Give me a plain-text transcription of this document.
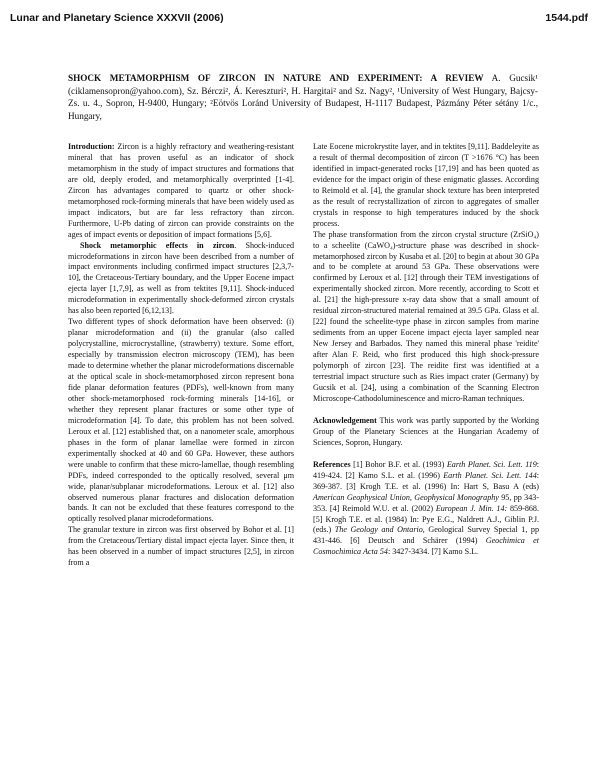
Lunar and Planetary Science XXXVII (2006)	1544.pdf
SHOCK METAMORPHISM OF ZIRCON IN NATURE AND EXPERIMENT: A REVIEW A. Gucsik¹ (ciklamensopron@yahoo.com), Sz. Bérczi², Á. Kereszturi², H. Hargitai² and Sz. Nagy², ¹University of West Hungary, Bajcsy-Zs. u. 4., Sopron, H-9400, Hungary; ²Eötvös Loránd University of Budapest, H-1117 Budapest, Pázmány Péter sétány 1/c., Hungary,

Introduction: Zircon is a highly refractory and weathering-resistant mineral that has proven useful as an indicator of shock metamorphism in the study of impact structures and formations that are old, deeply eroded, and metamorphically overprinted [1-4]. Zircon has advantages compared to quartz or other shock-metamorphosed rock-forming minerals that have been widely used as impact indicators, but are far less refractory than zircon. Furthermore, U-Pb dating of zircon can provide constraints on the ages of impact events or deposition of impact formations [5,6].

Shock metamorphic effects in zircon. Shock-induced microdeformations in zircon have been described from a number of impact environments including confirmed impact structures [2,3,7-10], the Cretaceous-Tertiary boundary, and the Upper Eocene impact ejecta layer [1,7,9], as well as from tektites [9,11]. Shock-induced microdeformation in experimentally shock-deformed zircon crystals has also been reported [6,12,13].

Two different types of shock deformation have been observed: (i) planar microdeformation and (ii) the granular (also called polycrystalline, microcrystalline, (strawberry) texture. Some effort, especially by transmission electron microscopy (TEM), has been made to determine whether the planar microdeformations discernable at the optical scale in shock-metamorphosed zircon represent bona fide planar deformation features (PDFs), well-known from many other shock-metamorphosed rock-forming minerals [14-16], or whether they represent planar fractures or some other type of microdeformation [4]. To date, this problem has not been solved. Leroux et al. [12] established that, on a nanometer scale, amorphous phases in the form of planar lamellae were formed in zircon experimentally shocked at 40 and 60 GPa. However, these authors were unable to confirm that these micro-lamellae, though resembling PDFs, indeed corresponded to the optically resolved, several μm wide, planar/subplanar microdeformations. Leroux et al. [12] also observed numerous planar fractures and dislocation deformation bands. It can not be excluded that these features correspond to the optically resolved planar microdeformations.

The granular texture in zircon was first observed by Bohor et al. [1] from the Cretaceous/Tertiary distal impact ejecta layer. Since then, it has been observed in a number of impact structures [2,5], in zircon from a

Late Eocene microkrystite layer, and in tektites [9,11]. Baddeleyite as a result of thermal decomposition of zircon (T >1676 °C) has been identified in impact-generated rocks [17,19] and has been quoted as evidence for the impact origin of these enigmatic glasses. According to Reimold et al. [4], the granular shock texture has been interpreted as the result of recrystallization of zircon to aggregates of smaller crystals in response to high temperatures induced by the shock process.

The phase transformation from the zircon crystal structure (ZrSiO₄) to a scheelite (CaWO₄)-structure phase was described in shock-metamorphosed zircon by Kusaba et al. [20] to begin at about 30 GPa and to be complete at around 53 GPa. These observations were confirmed by Leroux et al. [12] through their TEM investigations of experimentally shocked zircon. More recently, according to Scott et al. [21] the high-pressure x-ray data show that a small amount of residual zircon-structured material remained at 39.5 GPa. Glass et al. [22] found the scheelite-type phase in zircon samples from marine sediments from an upper Eocene impact ejecta layer sampled near New Jersey and Barbados. They named this mineral phase 'reidite' after Alan F. Reid, who first produced this high shock-pressure polymorph of zircon [23]. The reidite first was identified at a terrestrial impact structure such as Ries impact crater (Germany) by Gucsik et al. [24], using a combination of the Scanning Electron Microscope-Cathodoluminescence and micro-Raman techniques.

Acknowledgement This work was partly supported by the Working Group of the Planetary Sciences at the Hungarian Academy of Sciences, Sopron, Hungary.

References [1] Bohor B.F. et al. (1993) Earth Planet. Sci. Lett. 119: 419-424. [2] Kamo S.L. et al. (1996) Earth Planet. Sci. Lett. 144: 369-387. [3] Krogh T.E. et al. (1996) In: Hart S, Basu A (eds) American Geophysical Union, Geophysical Monography 95, pp 343-353. [4] Reimold W.U. et al. (2002) European J. Min. 14: 859-868. [5] Krogh T.E. et al. (1984) In: Pye E.G., Naldrett A.J., Giblin P.J. (eds.) The Geology and Ontario, Geological Survey Special 1, pp 431-446. [6] Deutsch and Schärer (1994) Geochimica et Cosmochimica Acta 54: 3427-3434. [7] Kamo S.L.
